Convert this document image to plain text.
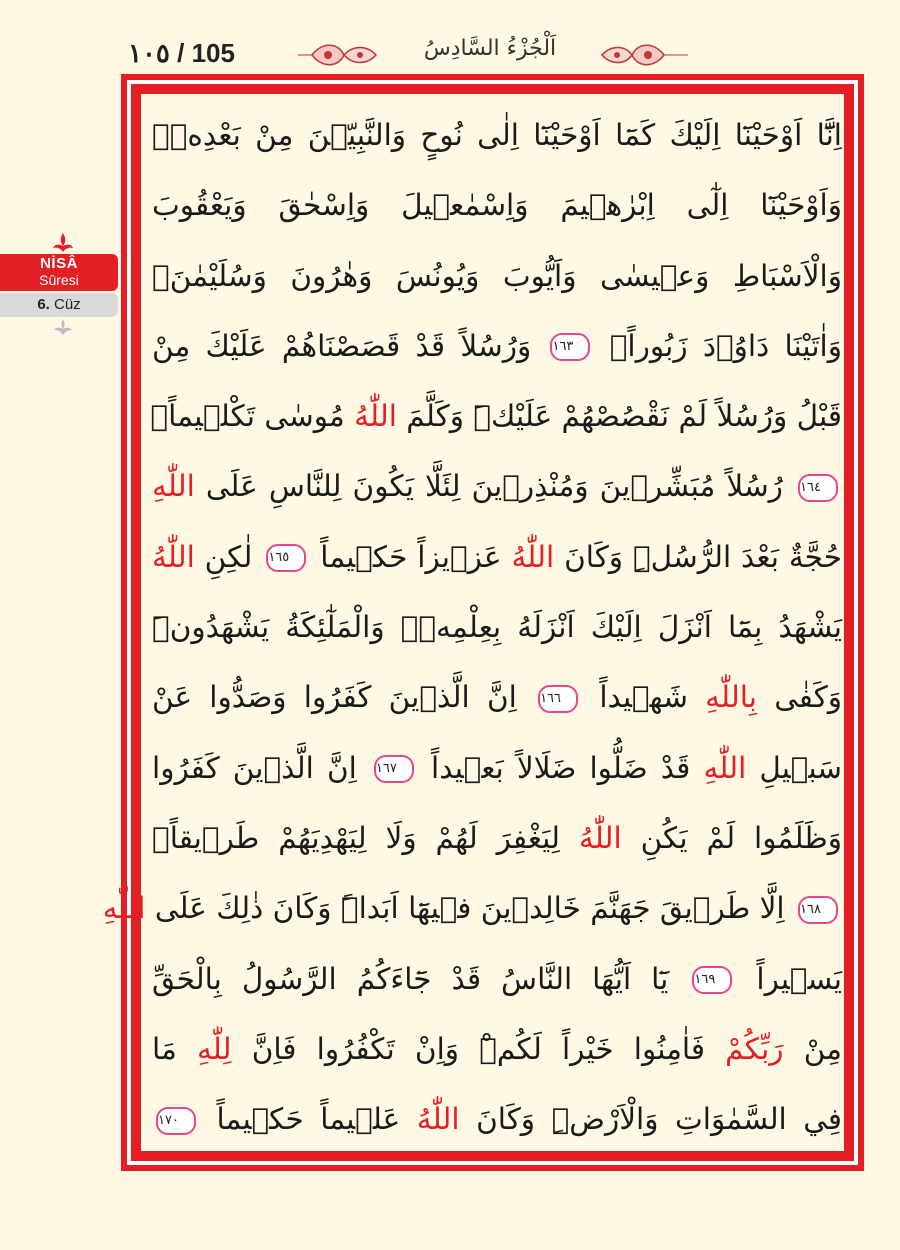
١٠٥ / 105	اَلْجُزْءُ السَّادِسُ
NİSÂ
Sûresi
6. Cüz
اِنَّٓا اَوْحَيْنَٓا اِلَيْكَ كَمَٓا اَوْحَيْنَٓا اِلٰى نُوحٍ وَالنَّبِيّ۪نَ مِنْ بَعْدِه۪ۚ
وَاَوْحَيْنَٓا اِلٰٓى اِبْرٰه۪يمَ وَاِسْمٰع۪يلَ وَاِسْحٰقَ وَيَعْقُوبَ
وَالْاَسْبَاطِ وَع۪يسٰى وَاَيُّوبَ وَيُونُسَ وَهٰرُونَ وَسُلَيْمٰنَۚ
وَاٰتَيْنَا دَاوُ۫دَ زَبُوراًۚ ١٦٣ وَرُسُلاً قَدْ قَصَصْنَاهُمْ عَلَيْكَ مِنْ
قَبْلُ وَرُسُلاً لَمْ نَقْصُصْهُمْ عَلَيْكَۜ وَكَلَّمَ اللّٰهُ مُوسٰى تَكْل۪يماًۚ
١٦٤ رُسُلاً مُبَشِّر۪ينَ وَمُنْذِر۪ينَ لِئَلَّا يَكُونَ لِلنَّاسِ عَلَى اللّٰهِ
حُجَّةٌ بَعْدَ الرُّسُلِۜ وَكَانَ اللّٰهُ عَز۪يزاً حَك۪يماً ١٦٥ لٰكِنِ اللّٰهُ
يَشْهَدُ بِمَٓا اَنْزَلَ اِلَيْكَ اَنْزَلَهُ بِعِلْمِه۪ۚ وَالْمَلٰٓئِكَةُ يَشْهَدُونَۜ
وَكَفٰى بِاللّٰهِ شَه۪يداً ١٦٦ اِنَّ الَّذ۪ينَ كَفَرُوا وَصَدُّوا عَنْ
سَب۪يلِ اللّٰهِ قَدْ ضَلُّوا ضَلَالاً بَع۪يداً ١٦٧ اِنَّ الَّذ۪ينَ كَفَرُوا
وَظَلَمُوا لَمْ يَكُنِ اللّٰهُ لِيَغْفِرَ لَهُمْ وَلَا لِيَهْدِيَهُمْ طَر۪يقاًۙ
١٦٨ اِلَّا طَر۪يقَ جَهَنَّمَ خَالِد۪ينَ ف۪يهَٓا اَبَداًۜ وَكَانَ ذٰلِكَ عَلَى اللّٰهِ
يَس۪يراً ١٦٩ يَٓا اَيُّهَا النَّاسُ قَدْ جَٓاءَكُمُ الرَّسُولُ بِالْحَقِّ
مِنْ رَبِّكُمْ فَاٰمِنُوا خَيْراً لَكُمْۜ وَاِنْ تَكْفُرُوا فَاِنَّ لِلّٰهِ مَا
فِي السَّمٰوَاتِ وَالْاَرْضِۜ وَكَانَ اللّٰهُ عَل۪يماً حَك۪يماً ١٧٠
